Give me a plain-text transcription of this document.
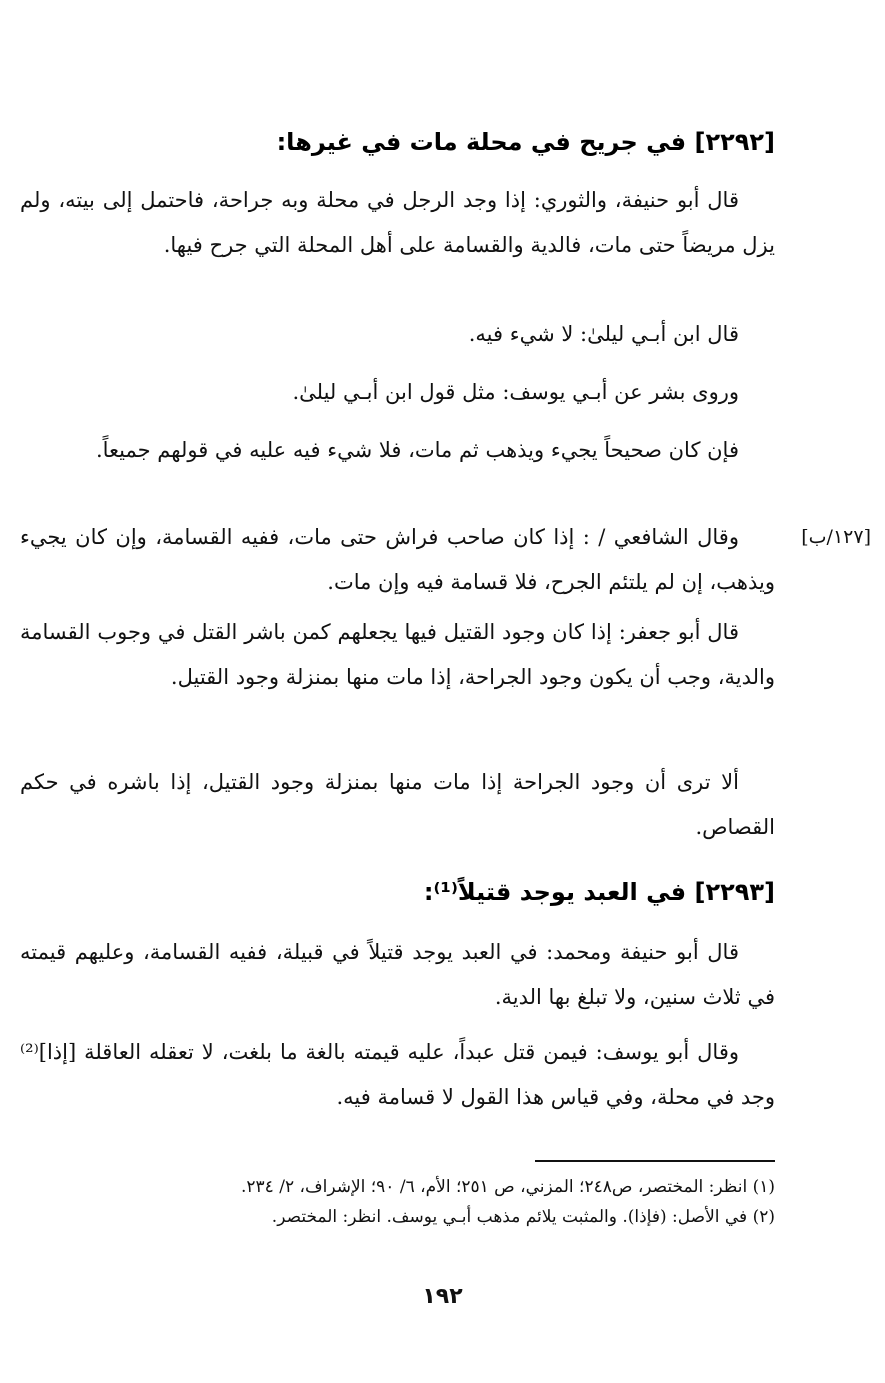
[٢٢٩٢] في جريح في محلة مات في غيرها:
قال أبو حنيفة، والثوري: إذا وجد الرجل في محلة وبه جراحة، فاحتمل إلى بيته، ولم يزل مريضاً حتى مات، فالدية والقسامة على أهل المحلة التي جرح فيها.
قال ابن أبـي ليلىٰ: لا شيء فيه.
وروى بشر عن أبـي يوسف: مثل قول ابن أبـي ليلىٰ.
فإن كان صحيحاً يجيء ويذهب ثم مات، فلا شيء فيه عليه في قولهم جميعاً.
وقال الشافعي / : إذا كان صاحب فراش حتى مات، ففيه القسامة، وإن كان يجيء ويذهب، إن لم يلتئم الجرح، فلا قسامة فيه وإن مات.
[١٢٧/ب]
قال أبو جعفر: إذا كان وجود القتيل فيها يجعلهم كمن باشر القتل في وجوب القسامة والدية، وجب أن يكون وجود الجراحة، إذا مات منها بمنزلة وجود القتيل.
ألا ترى أن وجود الجراحة إذا مات منها بمنزلة وجود القتيل، إذا باشره في حكم القصاص.
[٢٢٩٣] في العبد يوجد قتيلاً⁽¹⁾:
قال أبو حنيفة ومحمد: في العبد يوجد قتيلاً في قبيلة، ففيه القسامة، وعليهم قيمته في ثلاث سنين، ولا تبلغ بها الدية.
وقال أبو يوسف: فيمن قتل عبداً، عليه قيمته بالغة ما بلغت، لا تعقله العاقلة [إذا]⁽²⁾ وجد في محلة، وفي قياس هذا القول لا قسامة فيه.
(١) انظر: المختصر، ص٢٤٨؛ المزني، ص ٢٥١؛ الأم، ٦/ ٩٠؛ الإشراف، ٢/ ٢٣٤.
(٢) في الأصل: (فإذا). والمثبت يلائم مذهب أبـي يوسف. انظر: المختصر.
١٩٢
